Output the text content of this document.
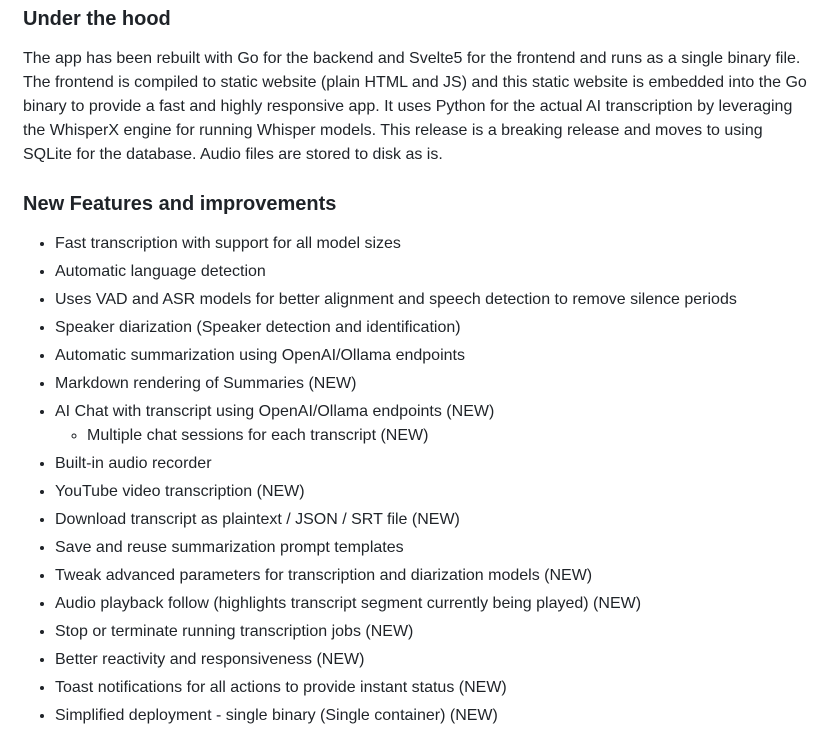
Under the hood

The app has been rebuilt with Go for the backend and Svelte5 for the frontend and runs as a single binary file. The frontend is compiled to static website (plain HTML and JS) and this static website is embedded into the Go binary to provide a fast and highly responsive app. It uses Python for the actual AI transcription by leveraging the WhisperX engine for running Whisper models. This release is a breaking release and moves to using SQLite for the database. Audio files are stored to disk as is.

New Features and improvements
• Fast transcription with support for all model sizes
• Automatic language detection
• Uses VAD and ASR models for better alignment and speech detection to remove silence periods
• Speaker diarization (Speaker detection and identification)
• Automatic summarization using OpenAI/Ollama endpoints
• Markdown rendering of Summaries (NEW)
• AI Chat with transcript using OpenAI/Ollama endpoints (NEW)
◦ Multiple chat sessions for each transcript (NEW)
• Built-in audio recorder
• YouTube video transcription (NEW)
• Download transcript as plaintext / JSON / SRT file (NEW)
• Save and reuse summarization prompt templates
• Tweak advanced parameters for transcription and diarization models (NEW)
• Audio playback follow (highlights transcript segment currently being played) (NEW)
• Stop or terminate running transcription jobs (NEW)
• Better reactivity and responsiveness (NEW)
• Toast notifications for all actions to provide instant status (NEW)
• Simplified deployment - single binary (Single container) (NEW)
